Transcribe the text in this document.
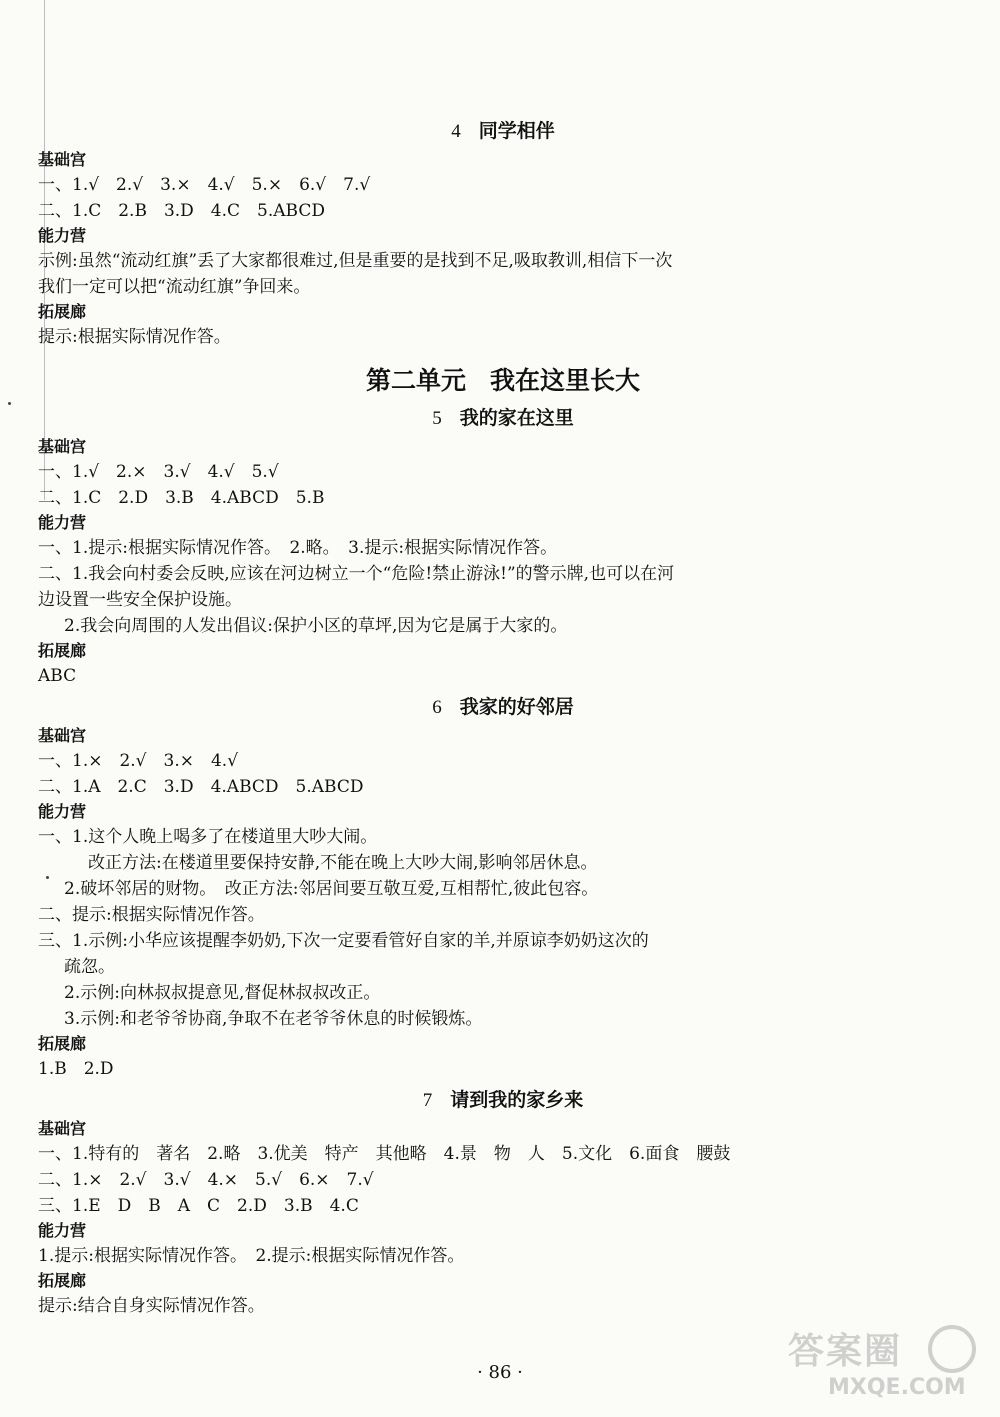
4 同学相伴
基础宫
一、1.√　2.√　3.×　4.√　5.×　6.√　7.√
二、1.C　2.B　3.D　4.C　5.ABCD
能力营
示例:虽然“流动红旗”丢了大家都很难过,但是重要的是找到不足,吸取教训,相信下一次
我们一定可以把“流动红旗”争回来。
拓展廊
提示:根据实际情况作答。
第二单元 我在这里长大
5 我的家在这里
基础宫
一、1.√　2.×　3.√　4.√　5.√
二、1.C　2.D　3.B　4.ABCD　5.B
能力营
一、1.提示:根据实际情况作答。　2.略。　3.提示:根据实际情况作答。
二、1.我会向村委会反映,应该在河边树立一个“危险!禁止游泳!”的警示牌,也可以在河
边设置一些安全保护设施。
2.我会向周围的人发出倡议:保护小区的草坪,因为它是属于大家的。
拓展廊
ABC
6 我家的好邻居
基础宫
一、1.×　2.√　3.×　4.√
二、1.A　2.C　3.D　4.ABCD　5.ABCD
能力营
一、1.这个人晚上喝多了在楼道里大吵大闹。
改正方法:在楼道里要保持安静,不能在晚上大吵大闹,影响邻居休息。
2.破坏邻居的财物。　改正方法:邻居间要互敬互爱,互相帮忙,彼此包容。
二、提示:根据实际情况作答。
三、1.示例:小华应该提醒李奶奶,下次一定要看管好自家的羊,并原谅李奶奶这次的
疏忽。
2.示例:向林叔叔提意见,督促林叔叔改正。
3.示例:和老爷爷协商,争取不在老爷爷休息的时候锻炼。
拓展廊
1.B　2.D
7 请到我的家乡来
基础宫
一、1.特有的　著名　2.略　3.优美　特产　其他略　4.景　物　人　5.文化　6.面食　腰鼓
二、1.×　2.√　3.√　4.×　5.√　6.×　7.√
三、1.E　D　B　A　C　2.D　3.B　4.C
能力营
1.提示:根据实际情况作答。　2.提示:根据实际情况作答。
拓展廊
提示:结合自身实际情况作答。
· 86 ·
答案圈
MXQE.COM
